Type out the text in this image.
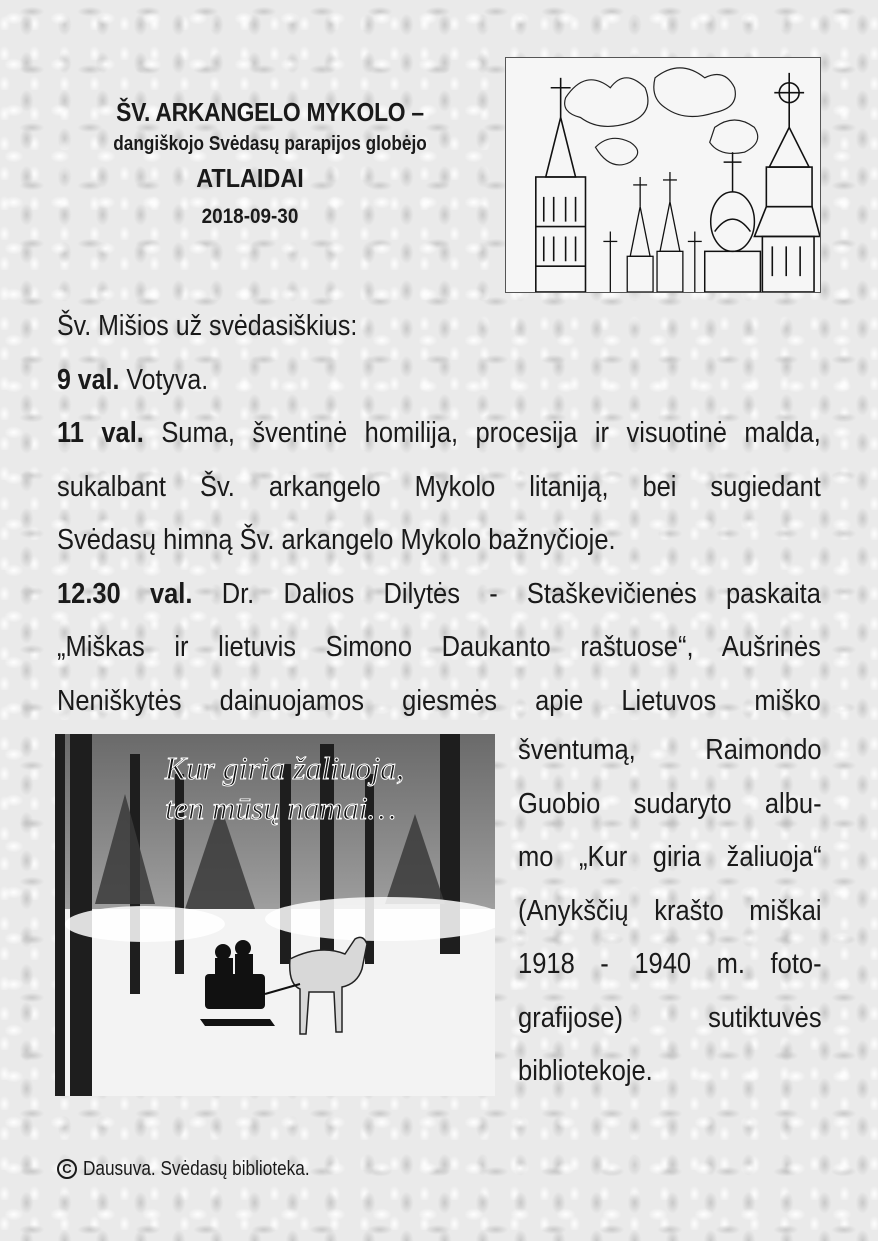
ŠV. ARKANGELO MYKOLO –
dangiškojo Svėdasų parapijos globėjo
ATLAIDAI
2018-09-30

Šv. Mišios už svėdasiškius:

9 val. Votyva.

11 val. Suma, šventinė homilija, procesija ir visuotinė malda,
sukalbant Šv. arkangelo Mykolo litaniją, bei sugiedant
Svėdasų himną Šv. arkangelo Mykolo bažnyčioje.
12.30 val. Dr. Dalios Dilytės - Staškevičienės paskaita
„Miškas ir lietuvis Simono Daukanto raštuose“, Aušrinės
Neniškytės dainuojamos giesmės apie Lietuvos miško
Kur giria žaliuoja,
ten mūsų namai…
šventumą, Raimondo
Guobio sudaryto albu-
mo „Kur giria žaliuoja“
(Anykščių krašto miškai
1918 - 1940 m. foto-
grafijose) sutiktuvės
bibliotekoje.
C Dausuva. Svėdasų biblioteka.
